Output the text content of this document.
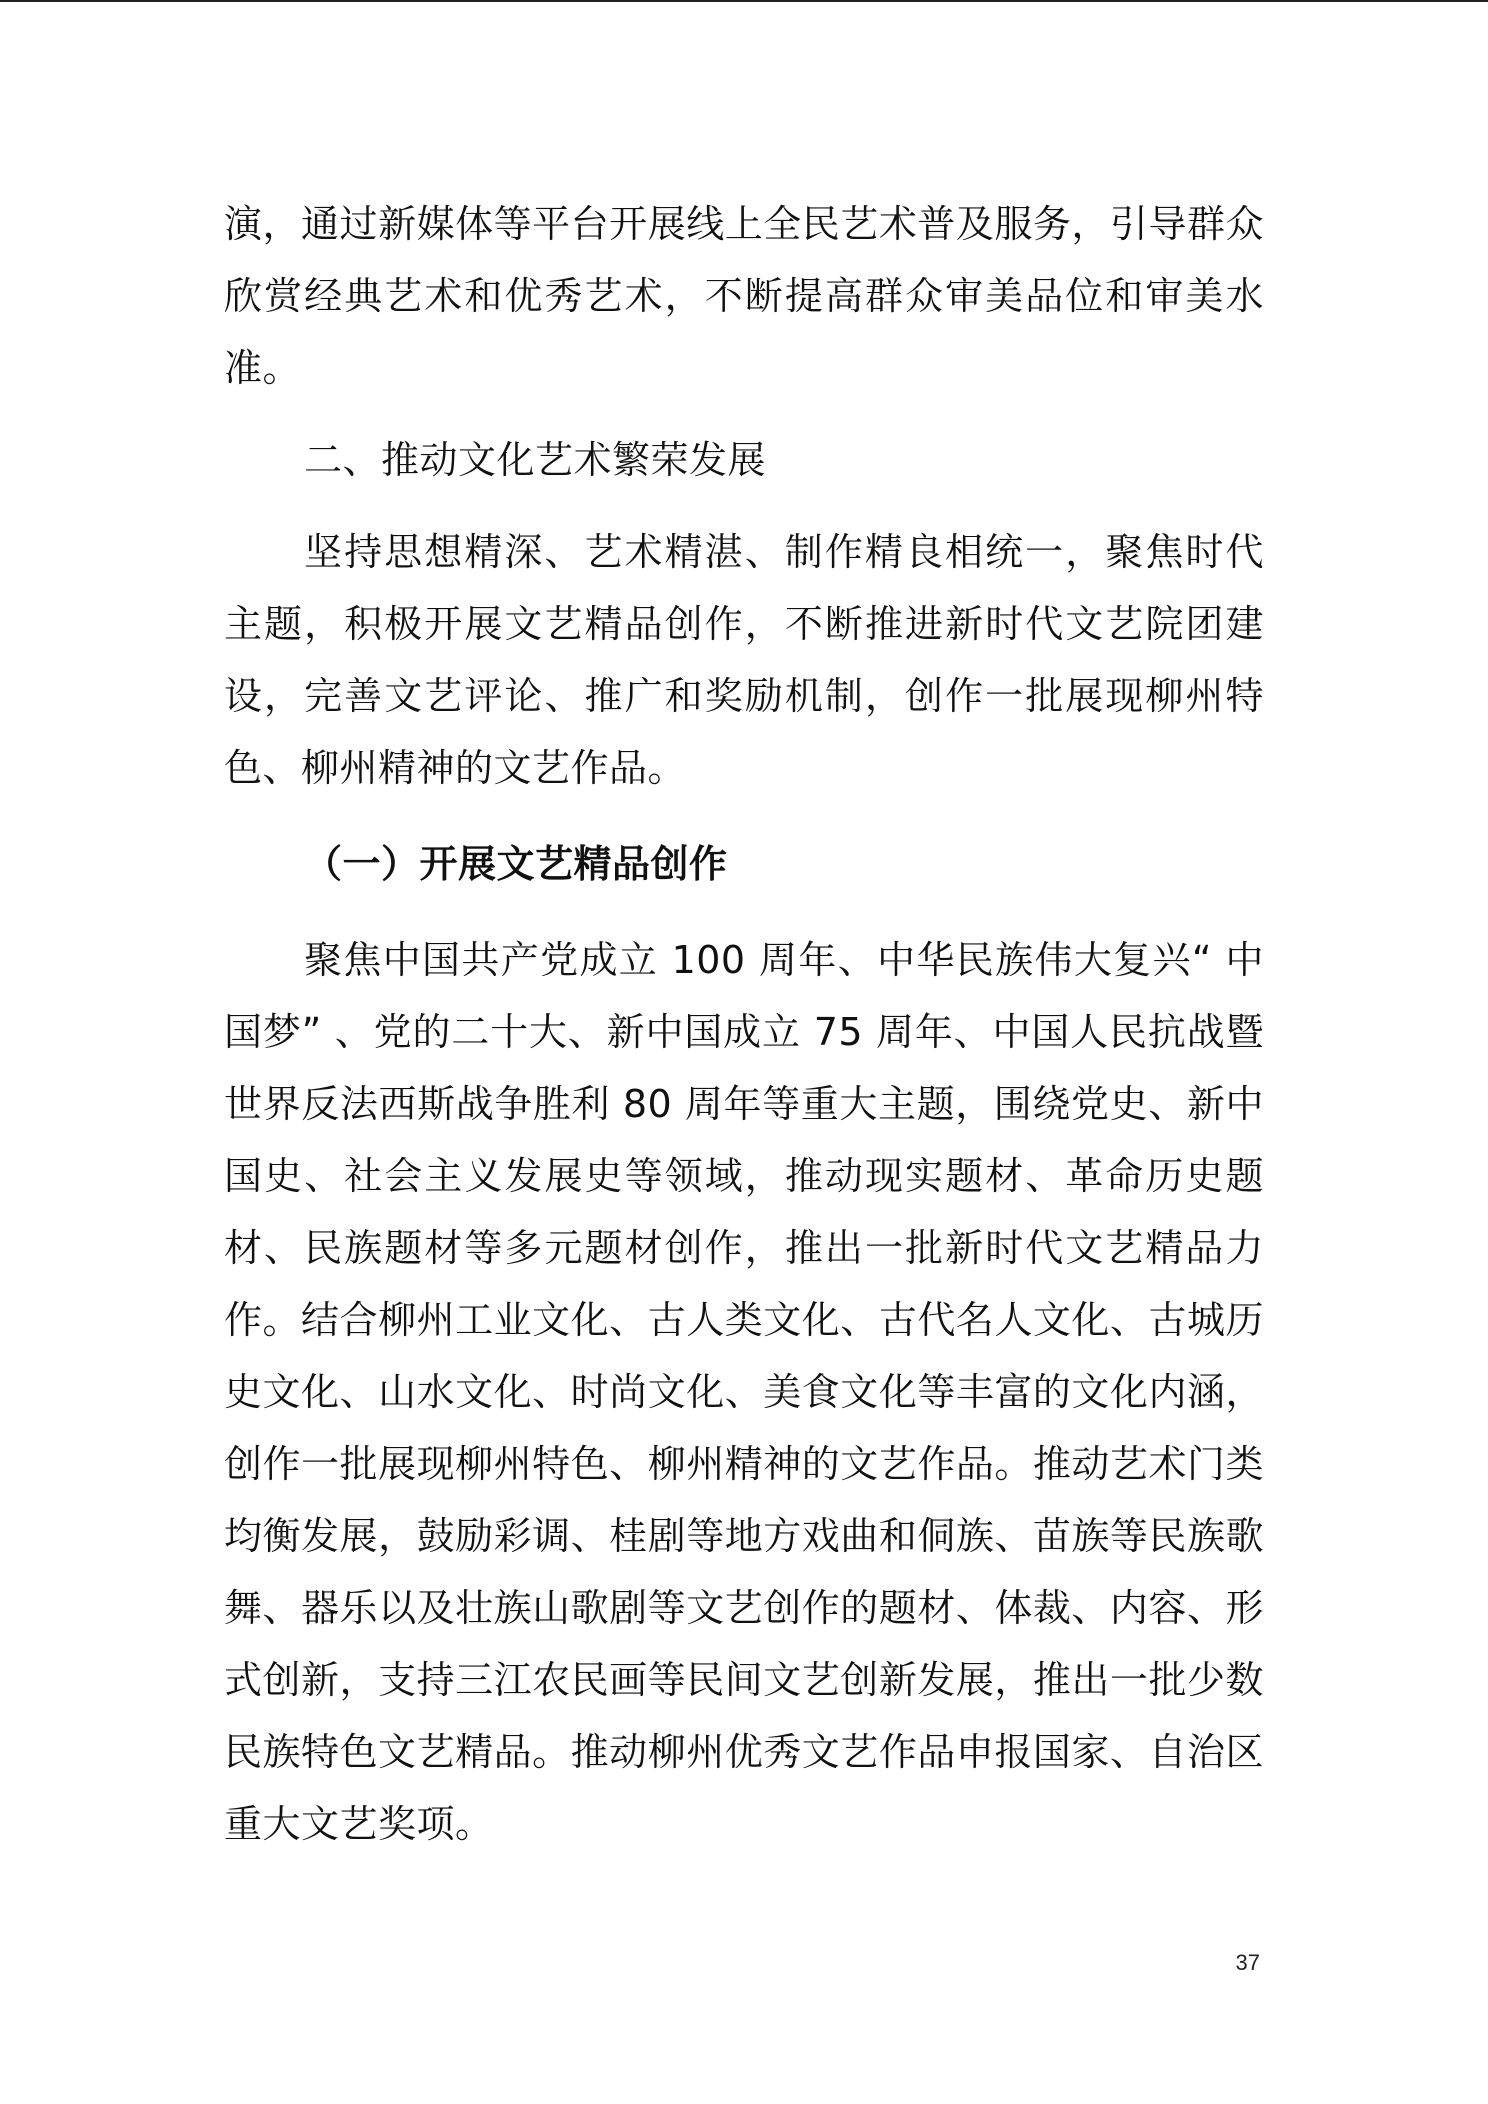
演，通过新媒体等平台开展线上全民艺术普及服务，引导群众欣赏经典艺术和优秀艺术，不断提高群众审美品位和审美水准。

二、推动文化艺术繁荣发展

坚持思想精深、艺术精湛、制作精良相统一，聚焦时代主题，积极开展文艺精品创作，不断推进新时代文艺院团建设，完善文艺评论、推广和奖励机制，创作一批展现柳州特色、柳州精神的文艺作品。

（一）开展文艺精品创作

聚焦中国共产党成立 100 周年、中华民族伟大复兴“ 中国梦” 、党的二十大、新中国成立 75 周年、中国人民抗战暨世界反法西斯战争胜利 80 周年等重大主题，围绕党史、新中国史、社会主义发展史等领域，推动现实题材、革命历史题材、民族题材等多元题材创作，推出一批新时代文艺精品力作。结合柳州工业文化、古人类文化、古代名人文化、古城历史文化、山水文化、时尚文化、美食文化等丰富的文化内涵，创作一批展现柳州特色、柳州精神的文艺作品。推动艺术门类均衡发展，鼓励彩调、桂剧等地方戏曲和侗族、苗族等民族歌舞、器乐以及壮族山歌剧等文艺创作的题材、体裁、内容、形式创新，支持三江农民画等民间文艺创新发展，推出一批少数民族特色文艺精品。推动柳州优秀文艺作品申报国家、自治区重大文艺奖项。

37
